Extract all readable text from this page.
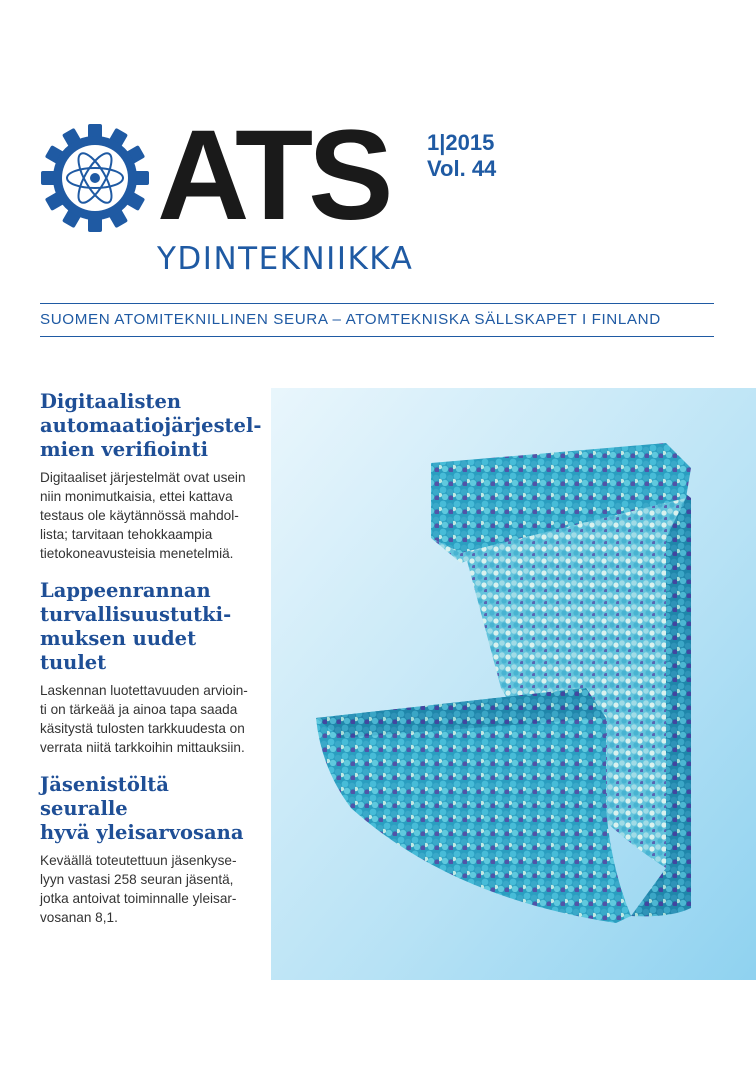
ATS
YDINTEKNIIKKA
1|2015
Vol. 44
SUOMEN ATOMITEKNILLINEN SEURA – ATOMTEKNISKA SÄLLSKAPET I FINLAND
Digitaalisten
automaatiojärjestel-
mien verifiointi

Digitaaliset järjestelmät ovat usein
niin monimutkaisia, ettei kattava
testaus ole käytännössä mahdol-
lista; tarvitaan tehokkaampia
tietokoneavusteisia menetelmiä.

Lappeenrannan
turvallisuustutki-
muksen uudet tuulet

Laskennan luotettavuuden arvioin-
ti on tärkeää ja ainoa tapa saada
käsitystä tulosten tarkkuudesta on
verrata niitä tarkkoihin mittauksiin.

Jäsenistöltä seuralle
hyvä yleisarvosana

Keväällä toteutettuun jäsenkyse-
lyyn vastasi 258 seuran jäsentä,
jotka antoivat toiminnalle yleisar-
vosanan 8,1.
